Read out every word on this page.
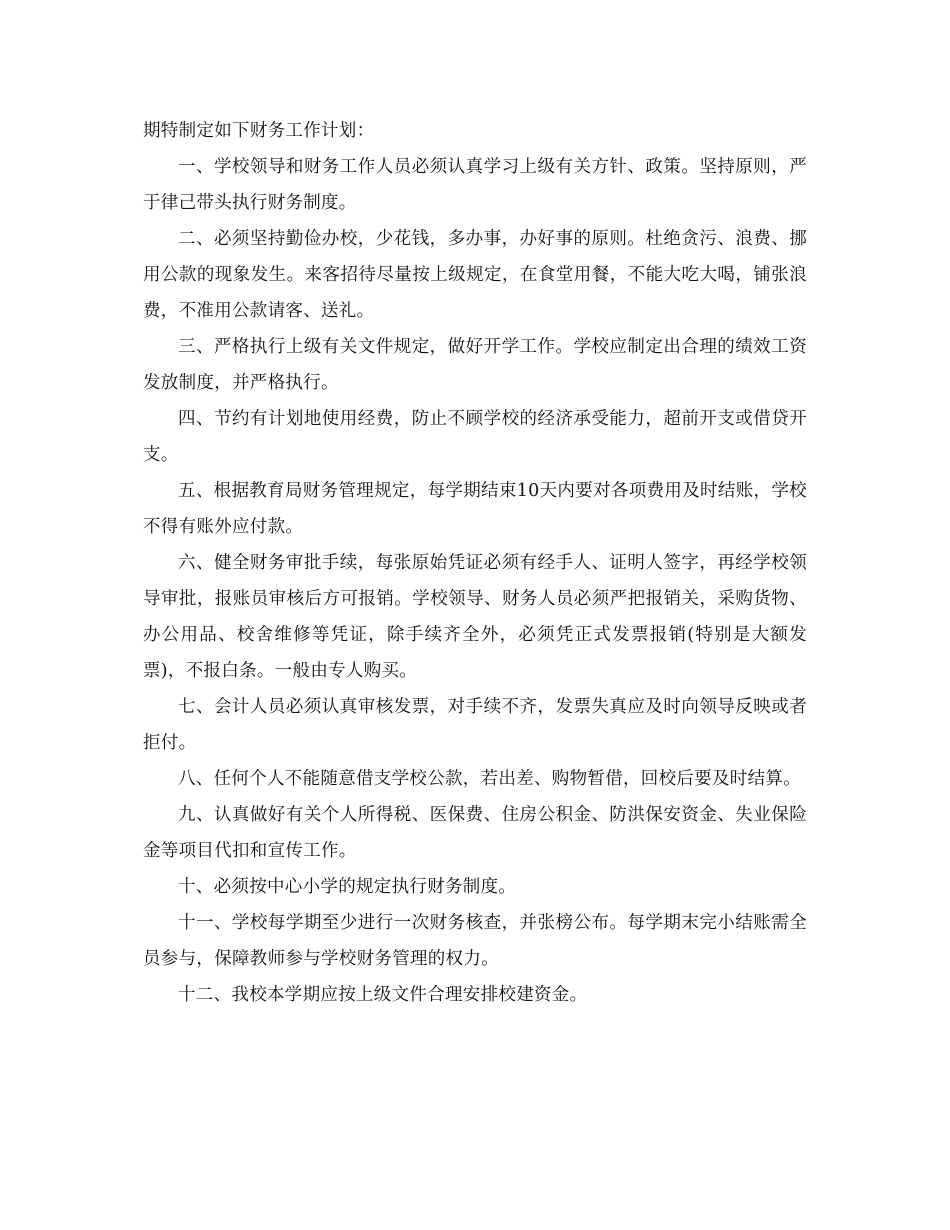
期特制定如下财务工作计划：

一、学校领导和财务工作人员必须认真学习上级有关方针、政策。坚持原则，严于律己带头执行财务制度。

二、必须坚持勤俭办校，少花钱，多办事，办好事的原则。杜绝贪污、浪费、挪用公款的现象发生。来客招待尽量按上级规定，在食堂用餐，不能大吃大喝，铺张浪费，不准用公款请客、送礼。

三、严格执行上级有关文件规定，做好开学工作。学校应制定出合理的绩效工资发放制度，并严格执行。

四、节约有计划地使用经费，防止不顾学校的经济承受能力，超前开支或借贷开支。

五、根据教育局财务管理规定，每学期结束10天内要对各项费用及时结账，学校不得有账外应付款。

六、健全财务审批手续，每张原始凭证必须有经手人、证明人签字，再经学校领导审批，报账员审核后方可报销。学校领导、财务人员必须严把报销关，采购货物、办公用品、校舍维修等凭证，除手续齐全外，必须凭正式发票报销(特别是大额发票)，不报白条。一般由专人购买。

七、会计人员必须认真审核发票，对手续不齐，发票失真应及时向领导反映或者拒付。

八、任何个人不能随意借支学校公款，若出差、购物暂借，回校后要及时结算。

九、认真做好有关个人所得税、医保费、住房公积金、防洪保安资金、失业保险金等项目代扣和宣传工作。

十、必须按中心小学的规定执行财务制度。

十一、学校每学期至少进行一次财务核查，并张榜公布。每学期末完小结账需全员参与，保障教师参与学校财务管理的权力。

十二、我校本学期应按上级文件合理安排校建资金。
